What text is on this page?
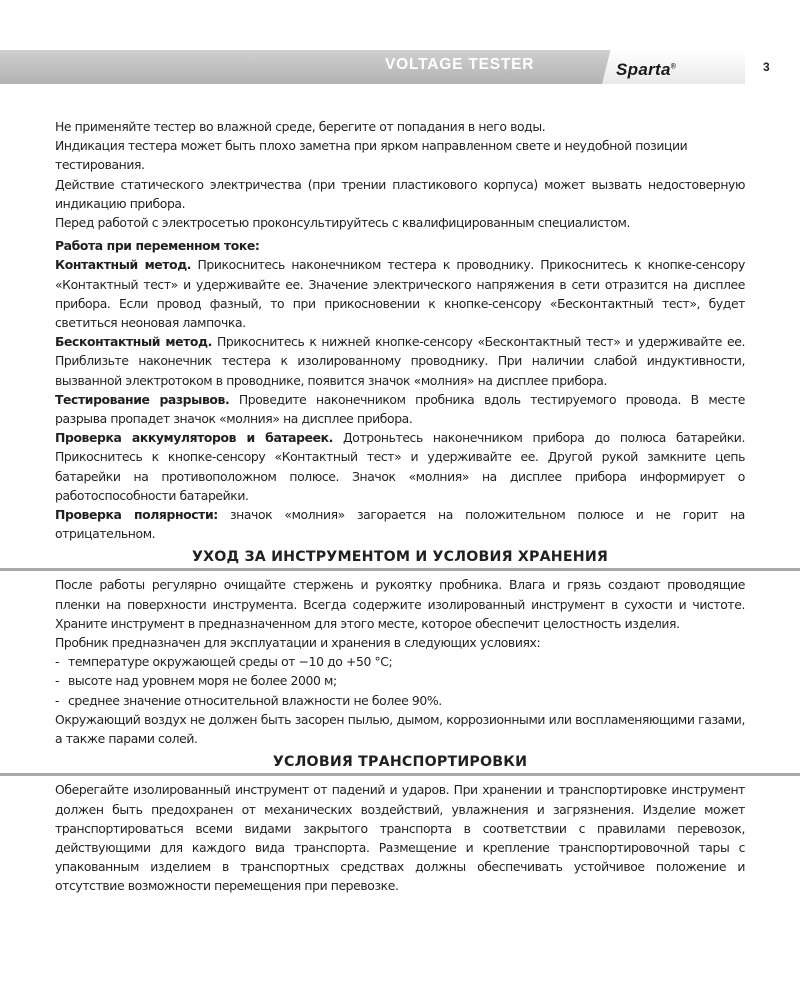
VOLTAGE TESTER	Sparta®	3

Не применяйте тестер во влажной среде, берегите от попадания в него воды.

Индикация тестера может быть плохо заметна при ярком направленном свете и неудобной позиции тестирования.

Действие статического электричества (при трении пластикового корпуса) может вызвать недостоверную индикацию прибора.

Перед работой с электросетью проконсультируйтесь с квалифицированным специалистом.

Работа при переменном токе:

Контактный метод. Прикоснитесь наконечником тестера к проводнику. Прикоснитесь к кнопке-сенсору «Контактный тест» и удерживайте ее. Значение электрического напряжения в сети отразится на дисплее прибора. Если провод фазный, то при прикосновении к кнопке-сенсору «Бесконтактный тест», будет светиться неоновая лампочка.

Бесконтактный метод. Прикоснитесь к нижней кнопке-сенсору «Бесконтактный тест» и удерживайте ее. Приблизьте наконечник тестера к изолированному проводнику. При наличии слабой индуктивности, вызванной электротоком в проводнике, появится значок «молния» на дисплее прибора.

Тестирование разрывов. Проведите наконечником пробника вдоль тестируемого провода. В месте разрыва пропадет значок «молния» на дисплее прибора.

Проверка аккумуляторов и батареек. Дотроньтесь наконечником прибора до полюса батарейки. Прикоснитесь к кнопке-сенсору «Контактный тест» и удерживайте ее. Другой рукой замкните цепь батарейки на противоположном полюсе. Значок «молния» на дисплее прибора информирует о работоспособности батарейки.

Проверка полярности: значок «молния» загорается на положительном полюсе и не горит на отрицательном.

УХОД ЗА ИНСТРУМЕНТОМ И УСЛОВИЯ ХРАНЕНИЯ

После работы регулярно очищайте стержень и рукоятку пробника. Влага и грязь создают проводящие пленки на поверхности инструмента. Всегда содержите изолированный инструмент в сухости и чистоте. Храните инструмент в предназначенном для этого месте, которое обеспечит целостность изделия.

Пробник предназначен для эксплуатации и хранения в следующих условиях:

- температуре окружающей среды от −10 до +50 °С;
- высоте над уровнем моря не более 2000 м;
- среднее значение относительной влажности не более 90%.

Окружающий воздух не должен быть засорен пылью, дымом, коррозионными или воспламеняющими газами, а также парами солей.

УСЛОВИЯ ТРАНСПОРТИРОВКИ

Оберегайте изолированный инструмент от падений и ударов. При хранении и транспортировке инструмент должен быть предохранен от механических воздействий, увлажнения и загрязнения. Изделие может транспортироваться всеми видами закрытого транспорта в соответствии с правилами перевозок, действующими для каждого вида транспорта. Размещение и крепление транспортировочной тары с упакованным изделием в транспортных средствах должны обеспечивать устойчивое положение и отсутствие возможности перемещения при перевозке.
